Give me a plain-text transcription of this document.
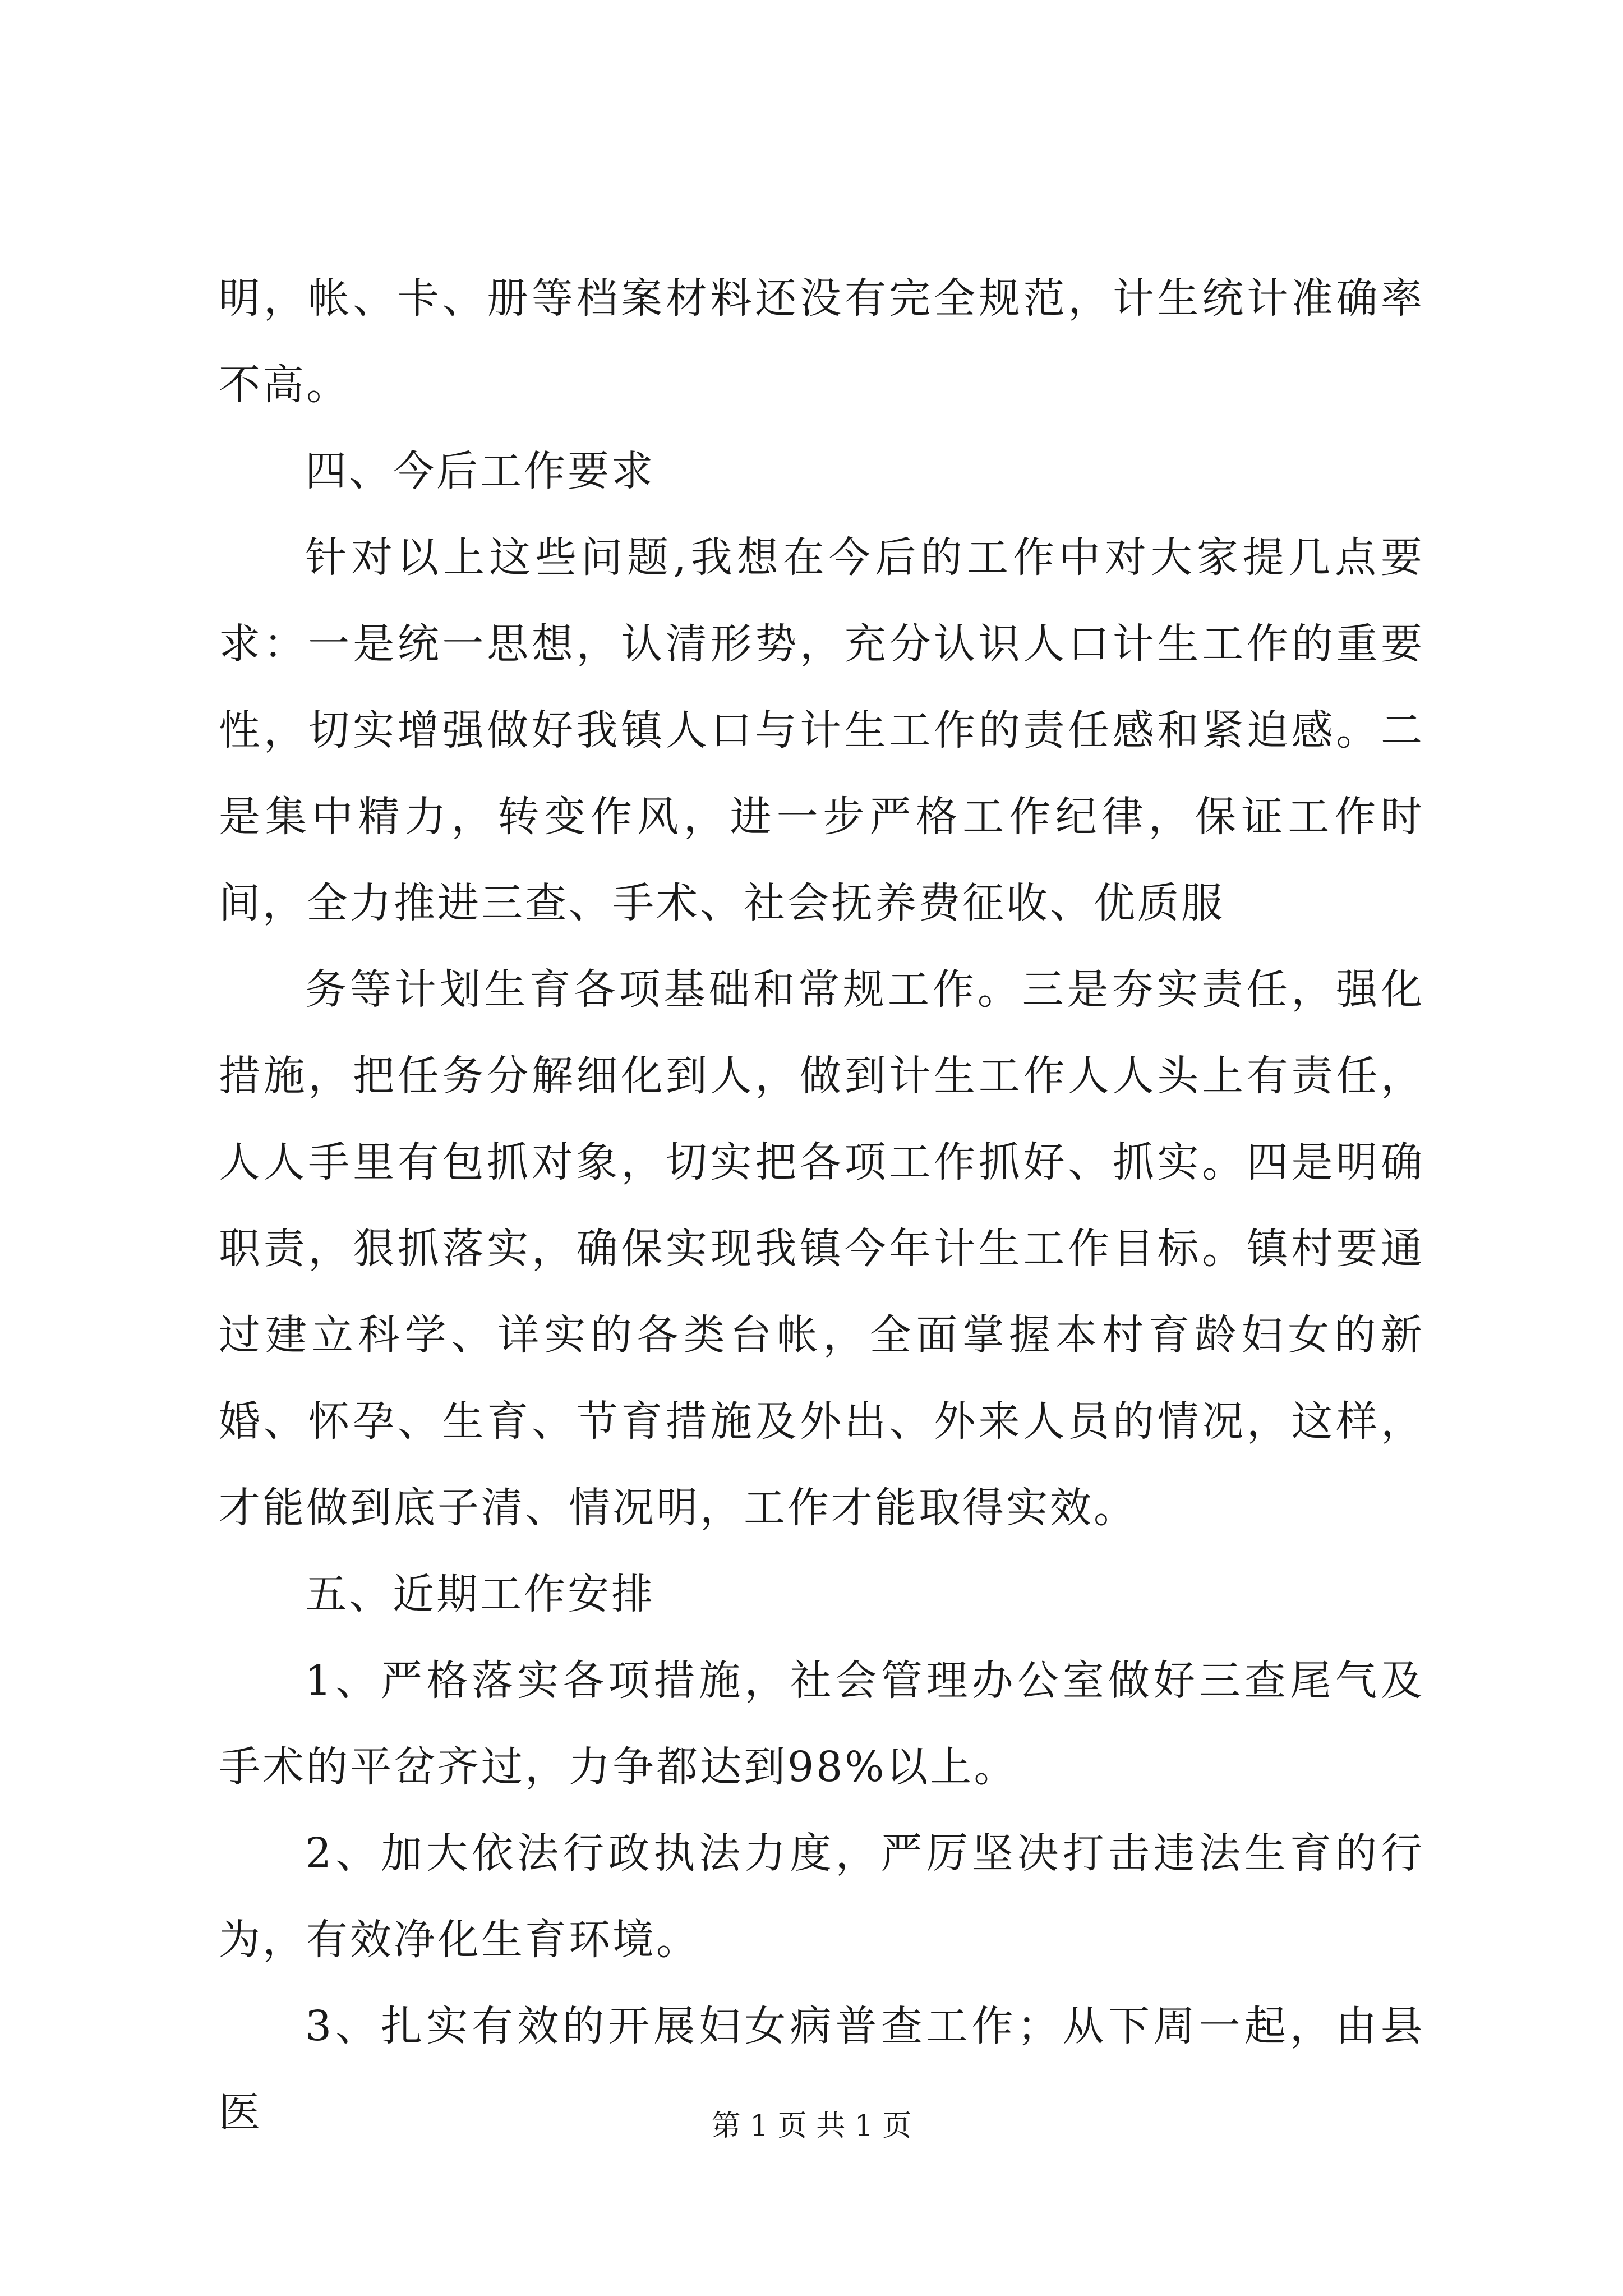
明，帐、卡、册等档案材料还没有完全规范，计生统计准确率不高。

四、今后工作要求

针对以上这些问题,我想在今后的工作中对大家提几点要求：一是统一思想，认清形势，充分认识人口计生工作的重要性，切实增强做好我镇人口与计生工作的责任感和紧迫感。二是集中精力，转变作风，进一步严格工作纪律，保证工作时间，全力推进三查、手术、社会抚养费征收、优质服

务等计划生育各项基础和常规工作。三是夯实责任，强化措施，把任务分解细化到人，做到计生工作人人头上有责任，人人手里有包抓对象，切实把各项工作抓好、抓实。四是明确职责，狠抓落实，确保实现我镇今年计生工作目标。镇村要通过建立科学、详实的各类台帐，全面掌握本村育龄妇女的新婚、怀孕、生育、节育措施及外出、外来人员的情况，这样，才能做到底子清、情况明，工作才能取得实效。

五、近期工作安排

1、严格落实各项措施，社会管理办公室做好三查尾气及手术的平岔齐过，力争都达到98%以上。

2、加大依法行政执法力度，严厉坚决打击违法生育的行为，有效净化生育环境。

3、扎实有效的开展妇女病普查工作；从下周一起，由县医	第 1 页 共 1 页
